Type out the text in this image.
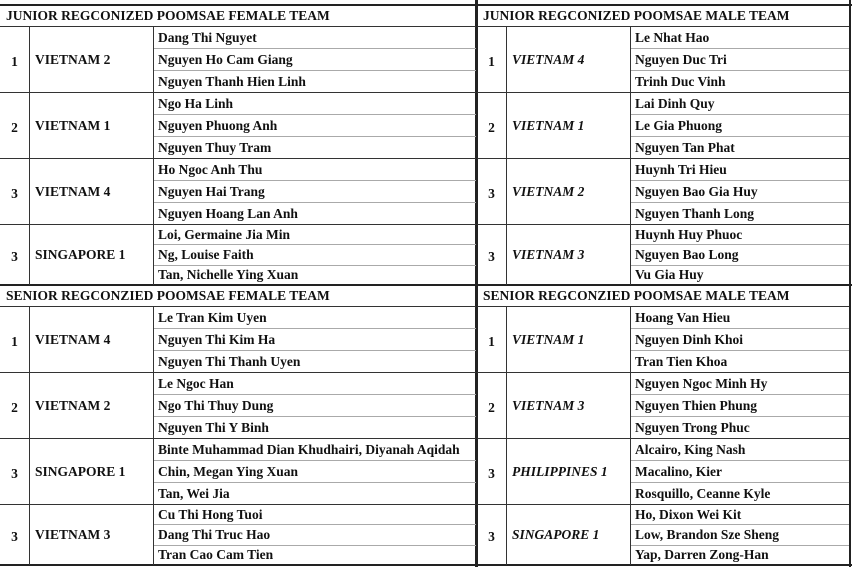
JUNIOR REGCONIZED POOMSAE FEMALE TEAM
1	VIETNAM 2
Dang Thi Nguyet
Nguyen Ho Cam Giang
Nguyen Thanh Hien Linh
2	VIETNAM 1
Ngo Ha Linh
Nguyen Phuong Anh
Nguyen Thuy Tram
3	VIETNAM 4
Ho Ngoc Anh Thu
Nguyen Hai Trang
Nguyen Hoang Lan Anh
3	SINGAPORE 1
Loi, Germaine Jia Min
Ng, Louise Faith
Tan, Nichelle Ying Xuan
JUNIOR REGCONIZED POOMSAE MALE TEAM
1	VIETNAM 4
Le Nhat Hao
Nguyen Duc Tri
Trinh Duc Vinh
2	VIETNAM 1
Lai Dinh Quy
Le Gia Phuong
Nguyen Tan Phat
3	VIETNAM 2
Huynh Tri Hieu
Nguyen Bao Gia Huy
Nguyen Thanh Long
3	VIETNAM 3
Huynh Huy Phuoc
Nguyen Bao Long
Vu Gia Huy
SENIOR REGCONZIED POOMSAE FEMALE TEAM
1	VIETNAM 4
Le Tran Kim Uyen
Nguyen Thi Kim Ha
Nguyen Thi Thanh Uyen
2	VIETNAM 2
Le Ngoc Han
Ngo Thi Thuy Dung
Nguyen Thi Y Binh
3	SINGAPORE 1
Binte Muhammad Dian Khudhairi, Diyanah Aqidah
Chin, Megan Ying Xuan
Tan, Wei Jia
3	VIETNAM 3
Cu Thi Hong Tuoi
Dang Thi Truc Hao
Tran Cao Cam Tien
SENIOR REGCONZIED POOMSAE MALE TEAM
1	VIETNAM 1
Hoang Van Hieu
Nguyen Dinh Khoi
Tran Tien Khoa
2	VIETNAM 3
Nguyen Ngoc Minh Hy
Nguyen Thien Phung
Nguyen Trong Phuc
3	PHILIPPINES 1
Alcairo, King Nash
Macalino, Kier
Rosquillo, Ceanne Kyle
3	SINGAPORE 1
Ho, Dixon Wei Kit
Low, Brandon Sze Sheng
Yap, Darren Zong-Han
